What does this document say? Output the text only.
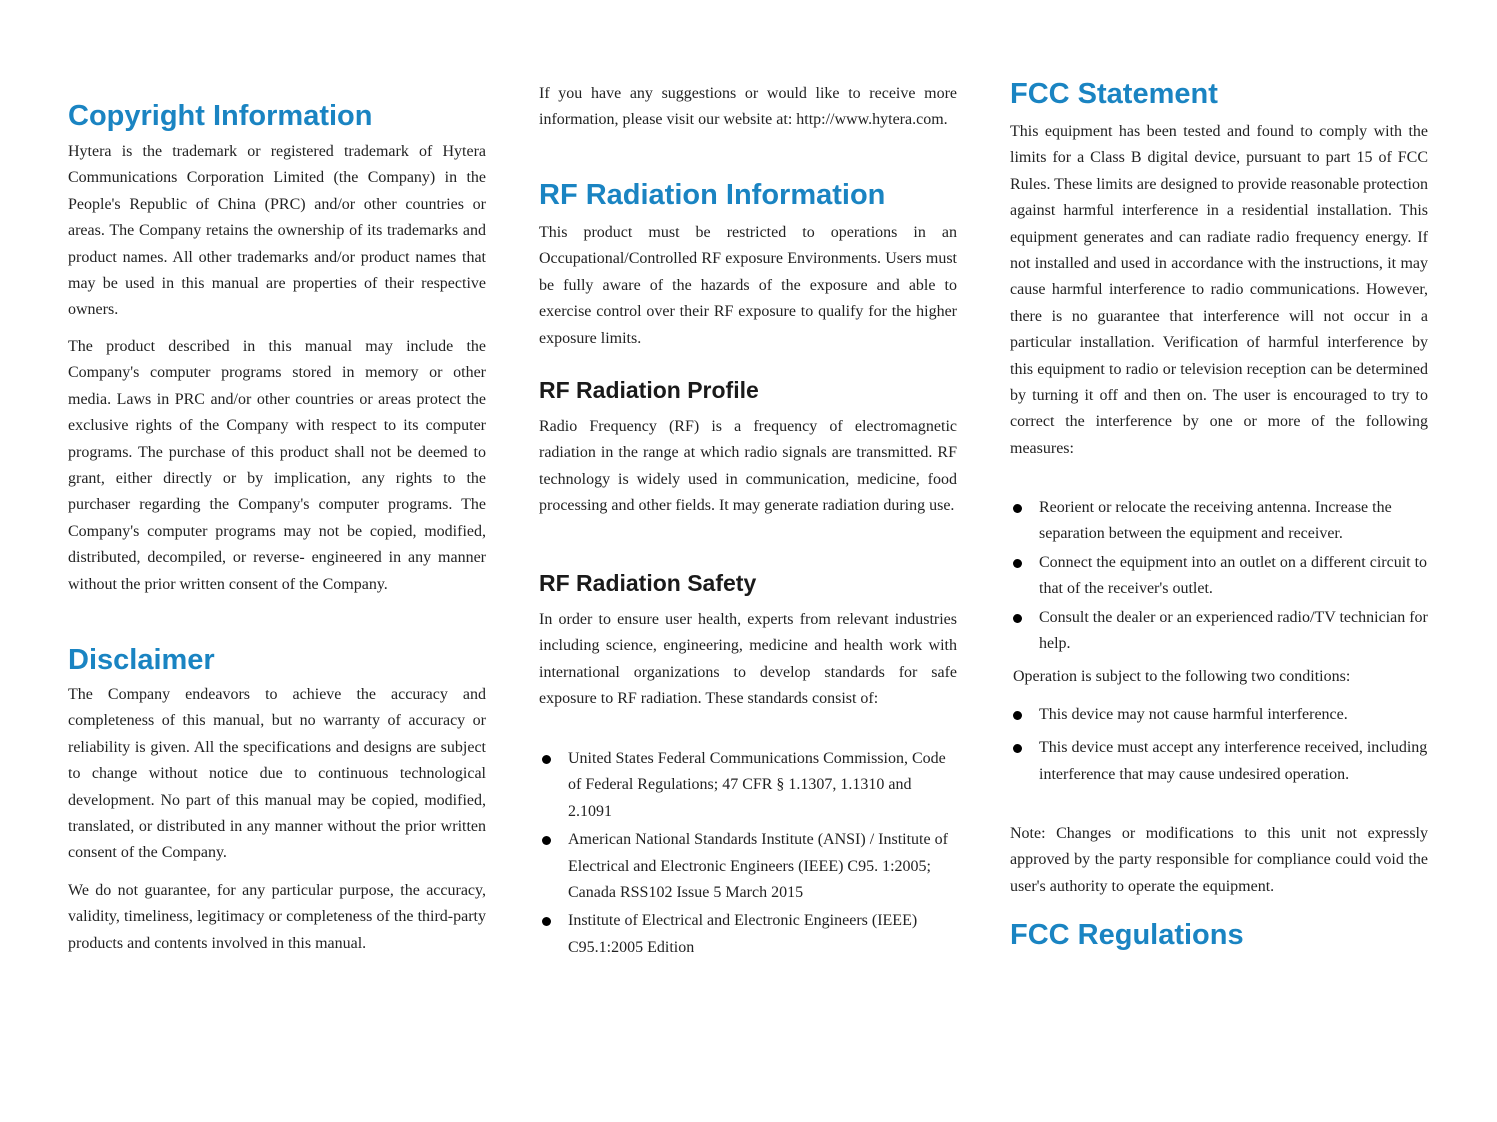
Copyright Information

Hytera is the trademark or registered trademark of Hytera Communications Corporation Limited (the Company) in the People's Republic of China (PRC) and/or other countries or areas. The Company retains the ownership of its trademarks and product names. All other trademarks and/or product names that may be used in this manual are properties of their respective owners.

The product described in this manual may include the Company's computer programs stored in memory or other media. Laws in PRC and/or other countries or areas protect the exclusive rights of the Company with respect to its computer programs. The purchase of this product shall not be deemed to grant, either directly or by implication, any rights to the purchaser regarding the Company's computer programs. The Company's computer programs may not be copied, modified, distributed, decompiled, or reverse- engineered in any manner without the prior written consent of the Company.

Disclaimer

The Company endeavors to achieve the accuracy and completeness of this manual, but no warranty of accuracy or reliability is given. All the specifications and designs are subject to change without notice due to continuous technological development. No part of this manual may be copied, modified, translated, or distributed in any manner without the prior written consent of the Company.

We do not guarantee, for any particular purpose, the accuracy, validity, timeliness, legitimacy or completeness of the third-party products and contents involved in this manual.

If you have any suggestions or would like to receive more information, please visit our website at: http://www.hytera.com.

RF Radiation Information

This product must be restricted to operations in an Occupational/Controlled RF exposure Environments. Users must be fully aware of the hazards of the exposure and able to exercise control over their RF exposure to qualify for the higher exposure limits.

RF Radiation Profile

Radio Frequency (RF) is a frequency of electromagnetic radiation in the range at which radio signals are transmitted. RF technology is widely used in communication, medicine, food processing and other fields. It may generate radiation during use.

RF Radiation Safety

In order to ensure user health, experts from relevant industries including science, engineering, medicine and health work with international organizations to develop standards for safe exposure to RF radiation. These standards consist of:

United States Federal Communications Commission, Code of Federal Regulations; 47 CFR § 1.1307, 1.1310 and 2.1091
American National Standards Institute (ANSI) / Institute of Electrical and Electronic Engineers (IEEE) C95. 1:2005; Canada RSS102 Issue 5 March 2015
Institute of Electrical and Electronic Engineers (IEEE) C95.1:2005 Edition
FCC Statement

This equipment has been tested and found to comply with the limits for a Class B digital device, pursuant to part 15 of FCC Rules. These limits are designed to provide reasonable protection against harmful interference in a residential installation. This equipment generates and can radiate radio frequency energy. If not installed and used in accordance with the instructions, it may cause harmful interference to radio communications. However, there is no guarantee that interference will not occur in a particular installation. Verification of harmful interference by this equipment to radio or television reception can be determined by turning it off and then on. The user is encouraged to try to correct the interference by one or more of the following measures:

Reorient or relocate the receiving antenna. Increase the separation between the equipment and receiver.
Connect the equipment into an outlet on a different circuit to that of the receiver's outlet.
Consult the dealer or an experienced radio/TV technician for help.

Operation is subject to the following two conditions:

This device may not cause harmful interference.
This device must accept any interference received, including interference that may cause undesired operation.

Note: Changes or modifications to this unit not expressly approved by the party responsible for compliance could void the user's authority to operate the equipment.

FCC Regulations
